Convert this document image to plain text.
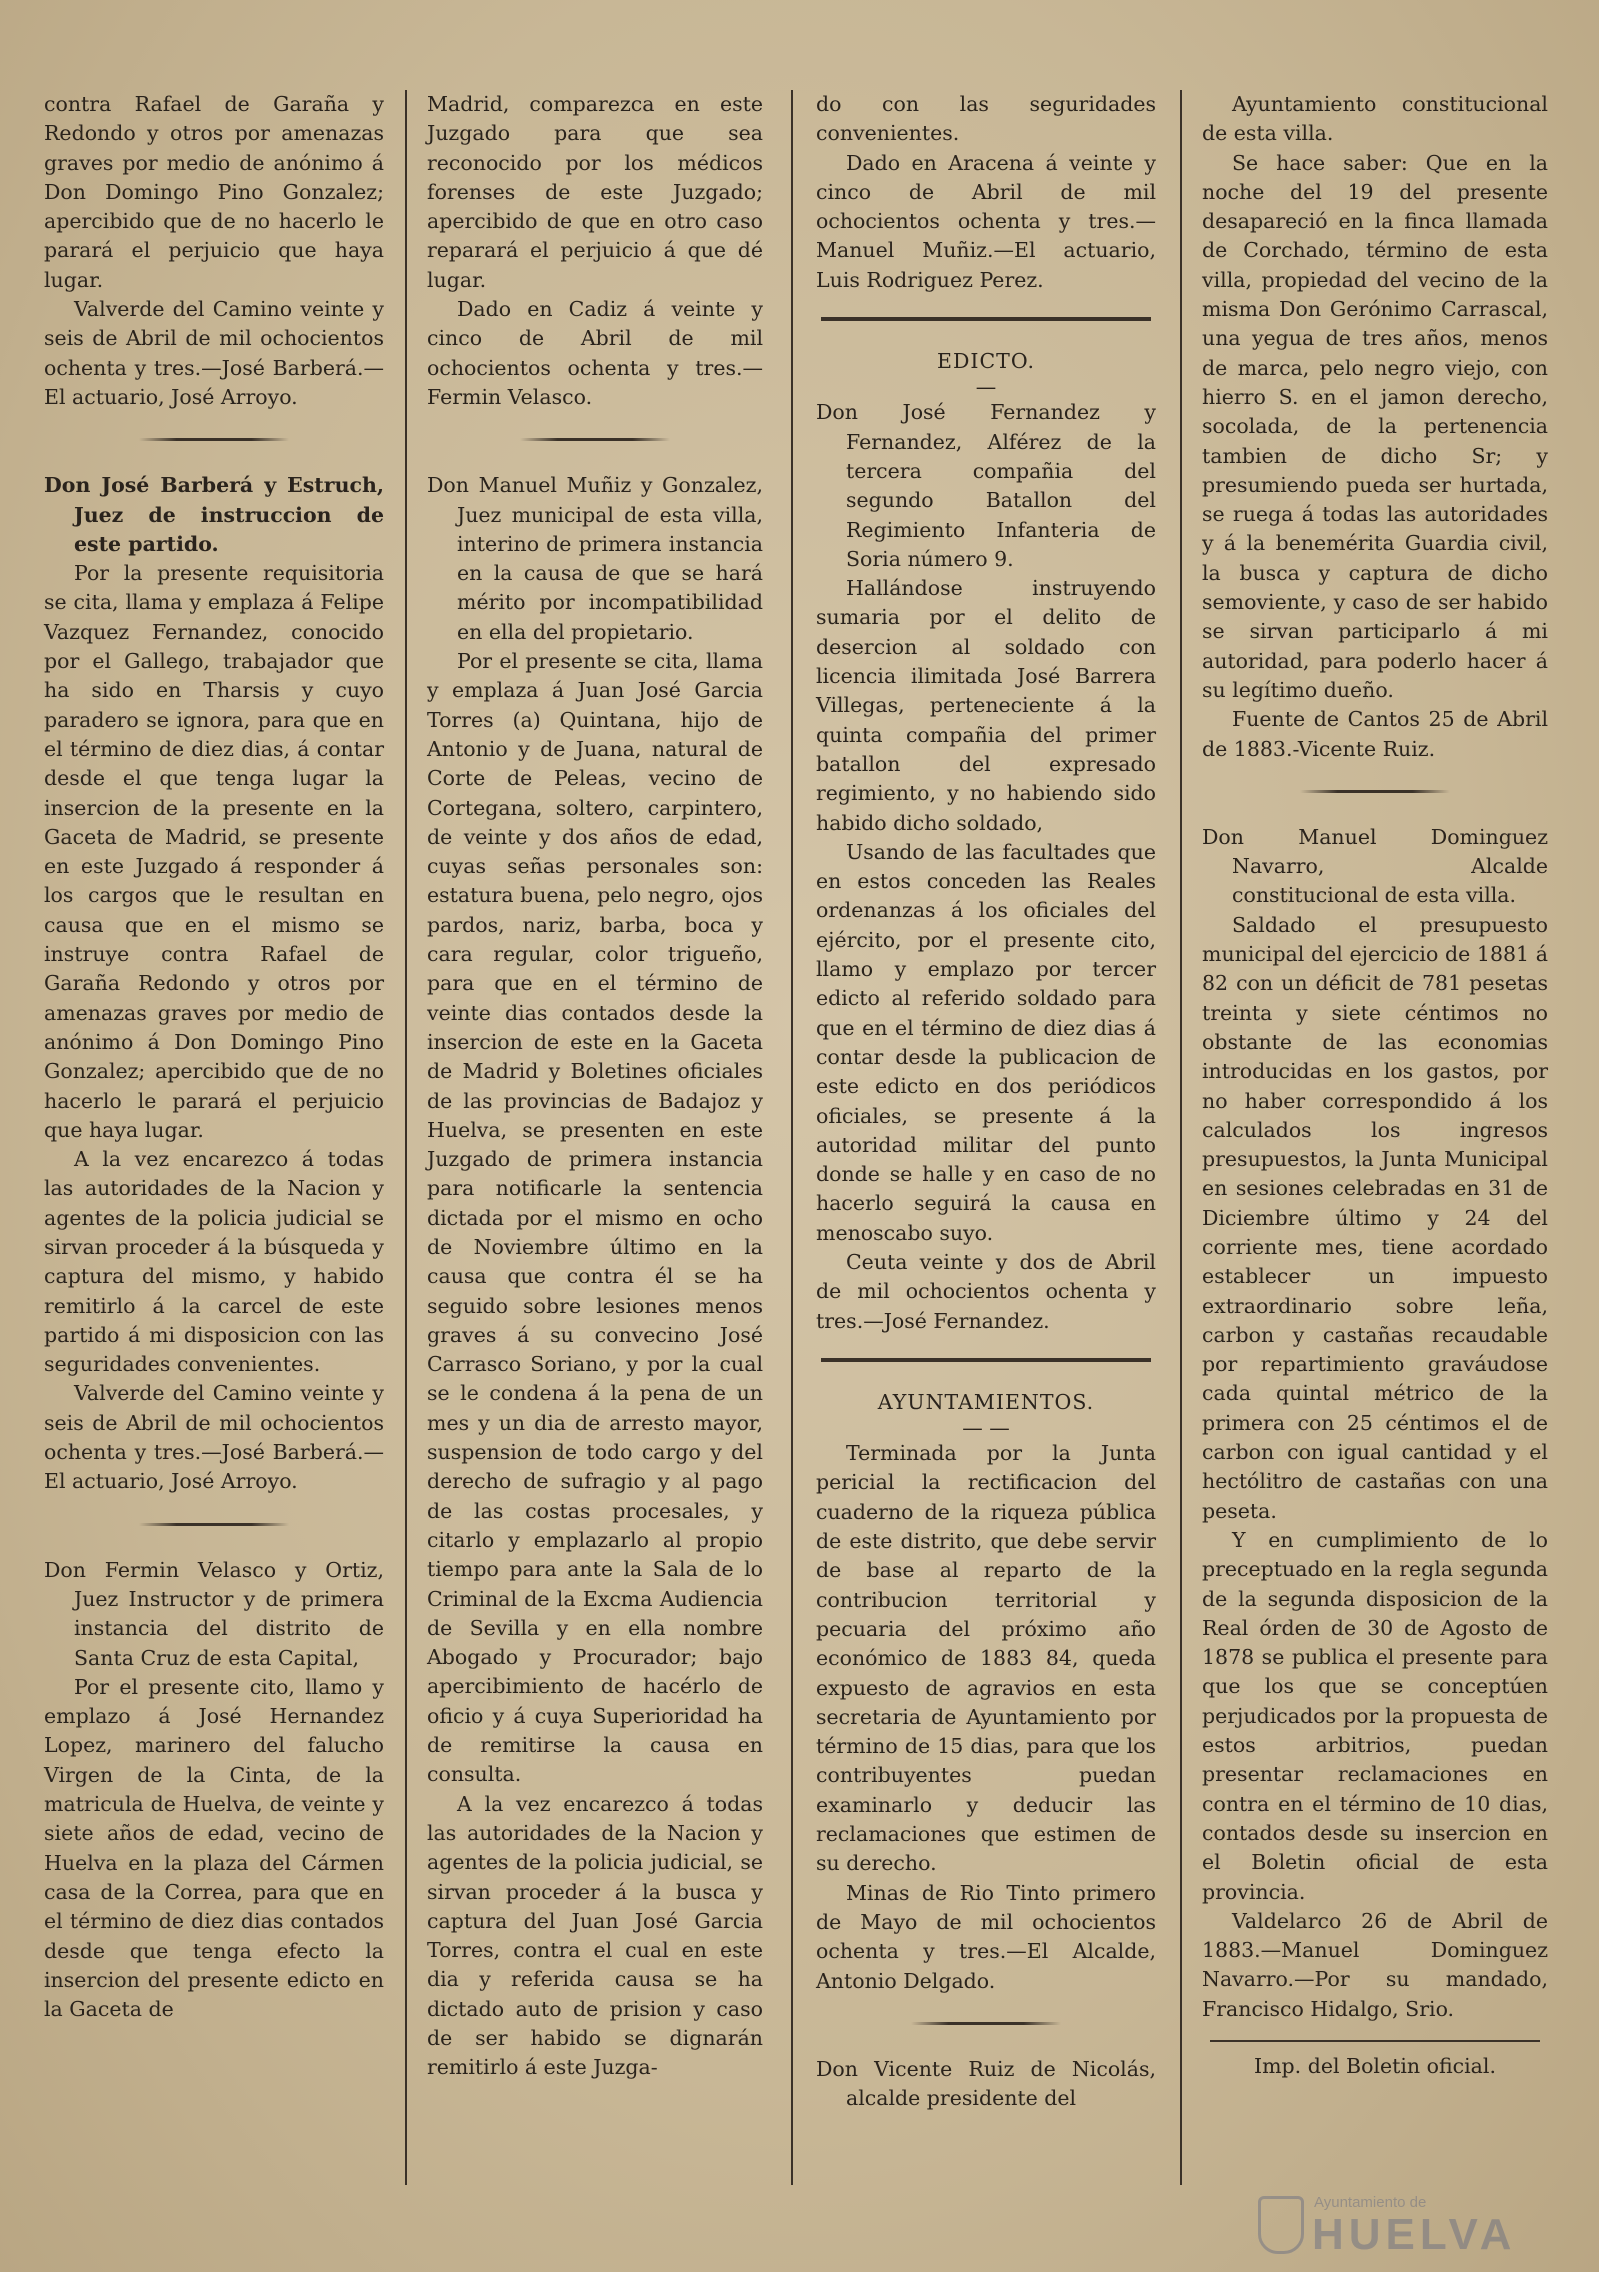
contra Rafael de Garaña y Redondo y otros por amenazas graves por medio de anónimo á Don Domingo Pino Gonzalez; apercibido que de no hacerlo le parará el perjuicio que haya lugar.

Valverde del Camino veinte y seis de Abril de mil ochocientos ochenta y tres.—José Barberá.—El actuario, José Arroyo.

Don José Barberá y Estruch, Juez de instruccion de este partido.

Por la presente requisitoria se cita, llama y emplaza á Felipe Vazquez Fernandez, conocido por el Gallego, trabajador que ha sido en Tharsis y cuyo paradero se ignora, para que en el término de diez dias, á contar desde el que tenga lugar la insercion de la presente en la Gaceta de Madrid, se presente en este Juzgado á responder á los cargos que le resultan en causa que en el mismo se instruye contra Rafael de Garaña Redondo y otros por amenazas graves por medio de anónimo á Don Domingo Pino Gonzalez; apercibido que de no hacerlo le parará el perjuicio que haya lugar.

A la vez encarezco á todas las autoridades de la Nacion y agentes de la policia judicial se sirvan proceder á la búsqueda y captura del mismo, y habido remitirlo á la carcel de este partido á mi disposicion con las seguridades convenientes.

Valverde del Camino veinte y seis de Abril de mil ochocientos ochenta y tres.—José Barberá.—El actuario, José Arroyo.

Don Fermin Velasco y Ortiz, Juez Instructor y de primera instancia del distrito de Santa Cruz de esta Capital,

Por el presente cito, llamo y emplazo á José Hernandez Lopez, marinero del falucho Virgen de la Cinta, de la matricula de Huelva, de veinte y siete años de edad, vecino de Huelva en la plaza del Cármen casa de la Correa, para que en el término de diez dias contados desde que tenga efecto la insercion del presente edicto en la Gaceta de

Madrid, comparezca en este Juzgado para que sea reconocido por los médicos forenses de este Juzgado; apercibido de que en otro caso reparará el perjuicio á que dé lugar.

Dado en Cadiz á veinte y cinco de Abril de mil ochocientos ochenta y tres.—Fermin Velasco.

Don Manuel Muñiz y Gonzalez, Juez municipal de esta villa, interino de primera instancia en la causa de que se hará mérito por incompatibilidad en ella del propietario.

Por el presente se cita, llama y emplaza á Juan José Garcia Torres (a) Quintana, hijo de Antonio y de Juana, natural de Corte de Peleas, vecino de Cortegana, soltero, carpintero, de veinte y dos años de edad, cuyas señas personales son: estatura buena, pelo negro, ojos pardos, nariz, barba, boca y cara regular, color trigueño, para que en el término de veinte dias contados desde la insercion de este en la Gaceta de Madrid y Boletines oficiales de las provincias de Badajoz y Huelva, se presenten en este Juzgado de primera instancia para notificarle la sentencia dictada por el mismo en ocho de Noviembre último en la causa que contra él se ha seguido sobre lesiones menos graves á su convecino José Carrasco Soriano, y por la cual se le condena á la pena de un mes y un dia de arresto mayor, suspension de todo cargo y del derecho de sufragio y al pago de las costas procesales, y citarlo y emplazarlo al propio tiempo para ante la Sala de lo Criminal de la Excma Audiencia de Sevilla y en ella nombre Abogado y Procurador; bajo apercibimiento de hacérlo de oficio y á cuya Superioridad ha de remitirse la causa en consulta.

A la vez encarezco á todas las autoridades de la Nacion y agentes de la policia judicial, se sirvan proceder á la busca y captura del Juan José Garcia Torres, contra el cual en este dia y referida causa se ha dictado auto de prision y caso de ser habido se dignarán remitirlo á este Juzga-

do con las seguridades convenientes.

Dado en Aracena á veinte y cinco de Abril de mil ochocientos ochenta y tres.—Manuel Muñiz.—El actuario, Luis Rodriguez Perez.

EDICTO.

—

Don José Fernandez y Fernandez, Alférez de la tercera compañia del segundo Batallon del Regimiento Infanteria de Soria número 9.

Hallándose instruyendo sumaria por el delito de desercion al soldado con licencia ilimitada José Barrera Villegas, perteneciente á la quinta compañia del primer batallon del expresado regimiento, y no habiendo sido habido dicho soldado,

Usando de las facultades que en estos conceden las Reales ordenanzas á los oficiales del ejército, por el presente cito, llamo y emplazo por tercer edicto al referido soldado para que en el término de diez dias á contar desde la publicacion de este edicto en dos periódicos oficiales, se presente á la autoridad militar del punto donde se halle y en caso de no hacerlo seguirá la causa en menoscabo suyo.

Ceuta veinte y dos de Abril de mil ochocientos ochenta y tres.—José Fernandez.

AYUNTAMIENTOS.

— —

Terminada por la Junta pericial la rectificacion del cuaderno de la riqueza pública de este distrito, que debe servir de base al reparto de la contribucion territorial y pecuaria del próximo año económico de 1883 84, queda expuesto de agravios en esta secretaria de Ayuntamiento por término de 15 dias, para que los contribuyentes puedan examinarlo y deducir las reclamaciones que estimen de su derecho.

Minas de Rio Tinto primero de Mayo de mil ochocientos ochenta y tres.—El Alcalde, Antonio Delgado.

Don Vicente Ruiz de Nicolás, alcalde presidente del

Ayuntamiento constitucional de esta villa.

Se hace saber: Que en la noche del 19 del presente desapareció en la finca llamada de Corchado, término de esta villa, propiedad del vecino de la misma Don Gerónimo Carrascal, una yegua de tres años, menos de marca, pelo negro viejo, con hierro S. en el jamon derecho, socolada, de la pertenencia tambien de dicho Sr; y presumiendo pueda ser hurtada, se ruega á todas las autoridades y á la benemérita Guardia civil, la busca y captura de dicho semoviente, y caso de ser habido se sirvan participarlo á mi autoridad, para poderlo hacer á su legítimo dueño.

Fuente de Cantos 25 de Abril de 1883.-Vicente Ruiz.

Don Manuel Dominguez Navarro, Alcalde constitucional de esta villa.

Saldado el presupuesto municipal del ejercicio de 1881 á 82 con un déficit de 781 pesetas treinta y siete céntimos no obstante de las economias introducidas en los gastos, por no haber correspondido á los calculados los ingresos presupuestos, la Junta Municipal en sesiones celebradas en 31 de Diciembre último y 24 del corriente mes, tiene acordado establecer un impuesto extraordinario sobre leña, carbon y castañas recaudable por repartimiento graváudose cada quintal métrico de la primera con 25 céntimos el de carbon con igual cantidad y el hectólitro de castañas con una peseta.

Y en cumplimiento de lo preceptuado en la regla segunda de la segunda disposicion de la Real órden de 30 de Agosto de 1878 se publica el presente para que los que se conceptúen perjudicados por la propuesta de estos arbitrios, puedan presentar reclamaciones en contra en el término de 10 dias, contados desde su insercion en el Boletin oficial de esta provincia.

Valdelarco 26 de Abril de 1883.—Manuel Dominguez Navarro.—Por su mandado, Francisco Hidalgo, Srio.

Imp. del Boletin oficial.

Ayuntamiento de
HUELVA
